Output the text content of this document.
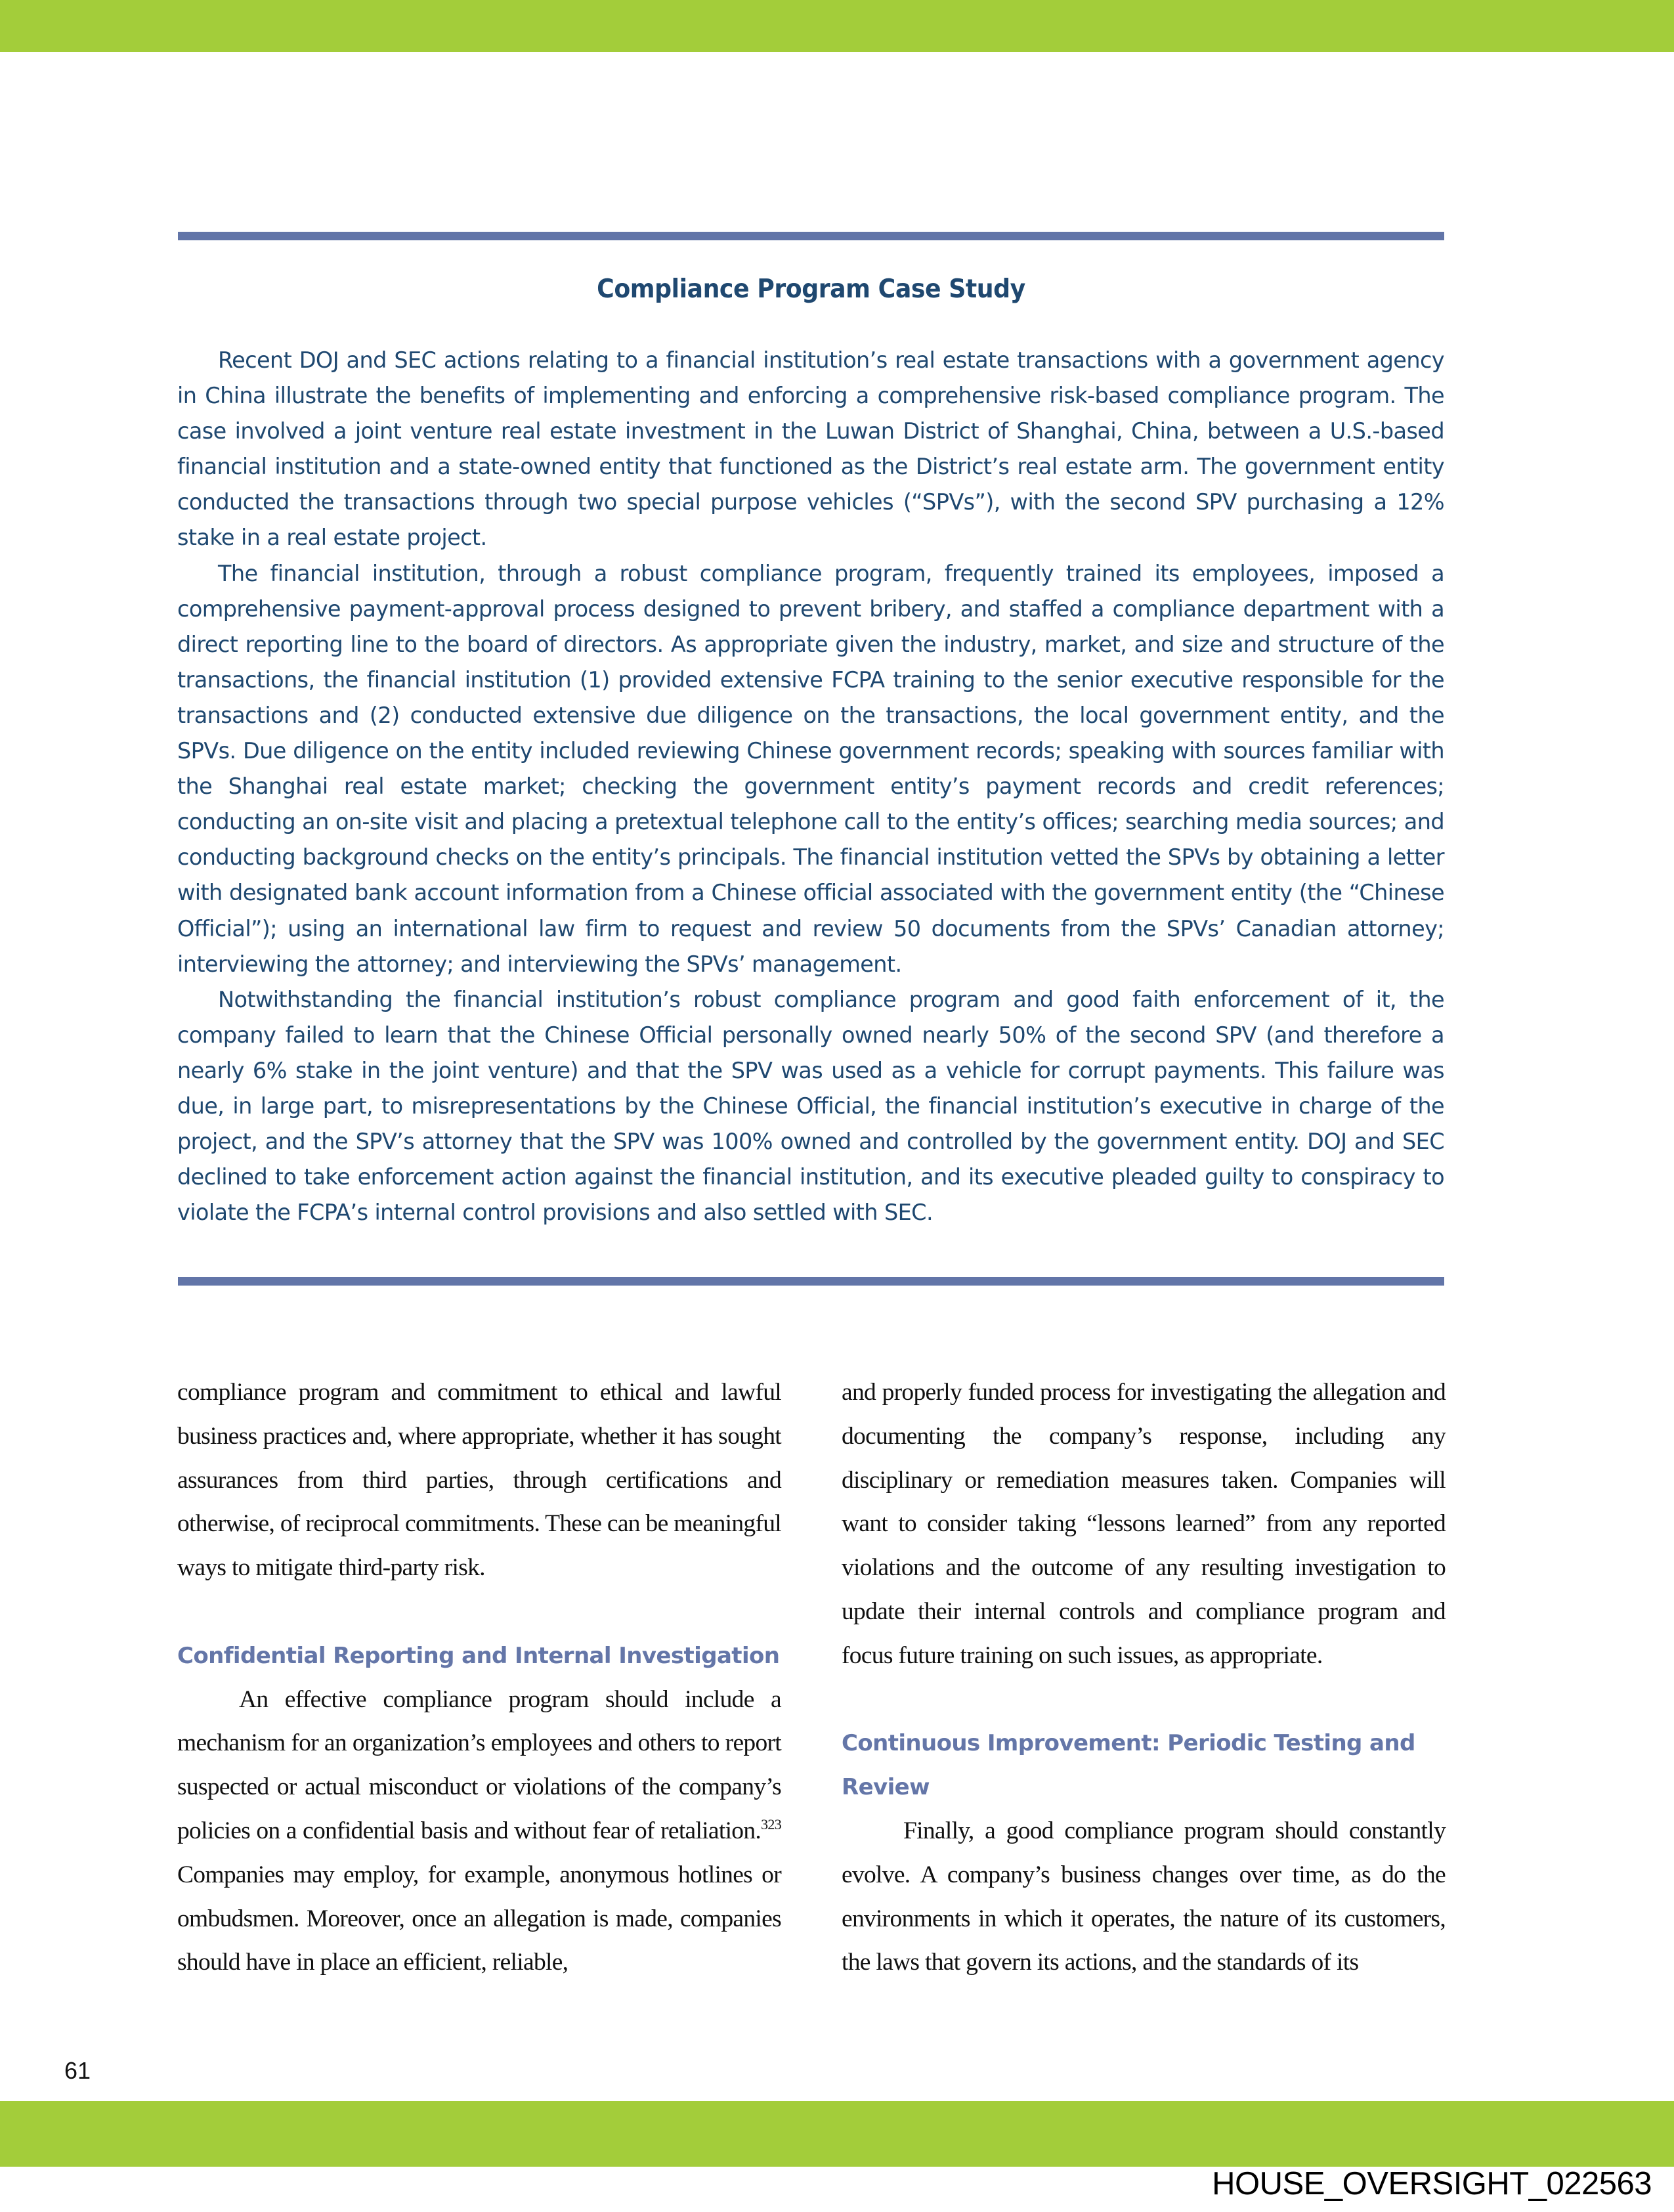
Compliance Program Case Study

Recent DOJ and SEC actions relating to a financial institution’s real estate transactions with a government agency in China illustrate the benefits of implementing and enforcing a comprehensive risk-based compliance program. The case involved a joint venture real estate investment in the Luwan District of Shanghai, China, between a U.S.-based financial institution and a state-owned entity that functioned as the District’s real estate arm. The government entity conducted the transactions through two special purpose vehicles (“SPVs”), with the second SPV purchasing a 12% stake in a real estate project.

The financial institution, through a robust compliance program, frequently trained its employees, imposed a comprehensive payment-approval process designed to prevent bribery, and staffed a compliance department with a direct reporting line to the board of directors. As appropriate given the industry, market, and size and structure of the transactions, the financial institution (1) provided extensive FCPA training to the senior executive responsible for the transactions and (2) conducted extensive due diligence on the transactions, the local government entity, and the SPVs. Due diligence on the entity included reviewing Chinese government records; speaking with sources familiar with the Shanghai real estate market; checking the government entity’s payment records and credit references; conducting an on-site visit and placing a pretextual telephone call to the entity’s offices; searching media sources; and conducting background checks on the entity’s principals. The financial institution vetted the SPVs by obtaining a letter with designated bank account information from a Chinese official associated with the government entity (the “Chinese Official”); using an international law firm to request and review 50 documents from the SPVs’ Canadian attorney; interviewing the attorney; and interviewing the SPVs’ management.

Notwithstanding the financial institution’s robust compliance program and good faith enforcement of it, the company failed to learn that the Chinese Official personally owned nearly 50% of the second SPV (and therefore a nearly 6% stake in the joint venture) and that the SPV was used as a vehicle for corrupt payments. This failure was due, in large part, to misrepresentations by the Chinese Official, the financial institution’s executive in charge of the project, and the SPV’s attorney that the SPV was 100% owned and controlled by the government entity. DOJ and SEC declined to take enforcement action against the financial institution, and its executive pleaded guilty to conspiracy to violate the FCPA’s internal control provisions and also settled with SEC.

compliance program and commitment to ethical and lawful business practices and, where appropriate, whether it has sought assurances from third parties, through certifications and otherwise, of reciprocal commitments. These can be meaningful ways to mitigate third-party risk.

Confidential Reporting and Internal Investigation

An effective compliance program should include a mechanism for an organization’s employees and others to report suspected or actual misconduct or violations of the company’s policies on a confidential basis and without fear of retaliation.$^{323}$ Companies may employ, for example, anonymous hotlines or ombudsmen. Moreover, once an allegation is made, companies should have in place an efficient, reliable,

and properly funded process for investigating the allegation and documenting the company’s response, including any disciplinary or remediation measures taken. Companies will want to consider taking “lessons learned” from any reported violations and the outcome of any resulting investigation to update their internal controls and compliance program and focus future training on such issues, as appropriate.

Continuous Improvement: Periodic Testing and Review

Finally, a good compliance program should constantly evolve. A company’s business changes over time, as do the environments in which it operates, the nature of its customers, the laws that govern its actions, and the standards of its

61
HOUSE_OVERSIGHT_022563
